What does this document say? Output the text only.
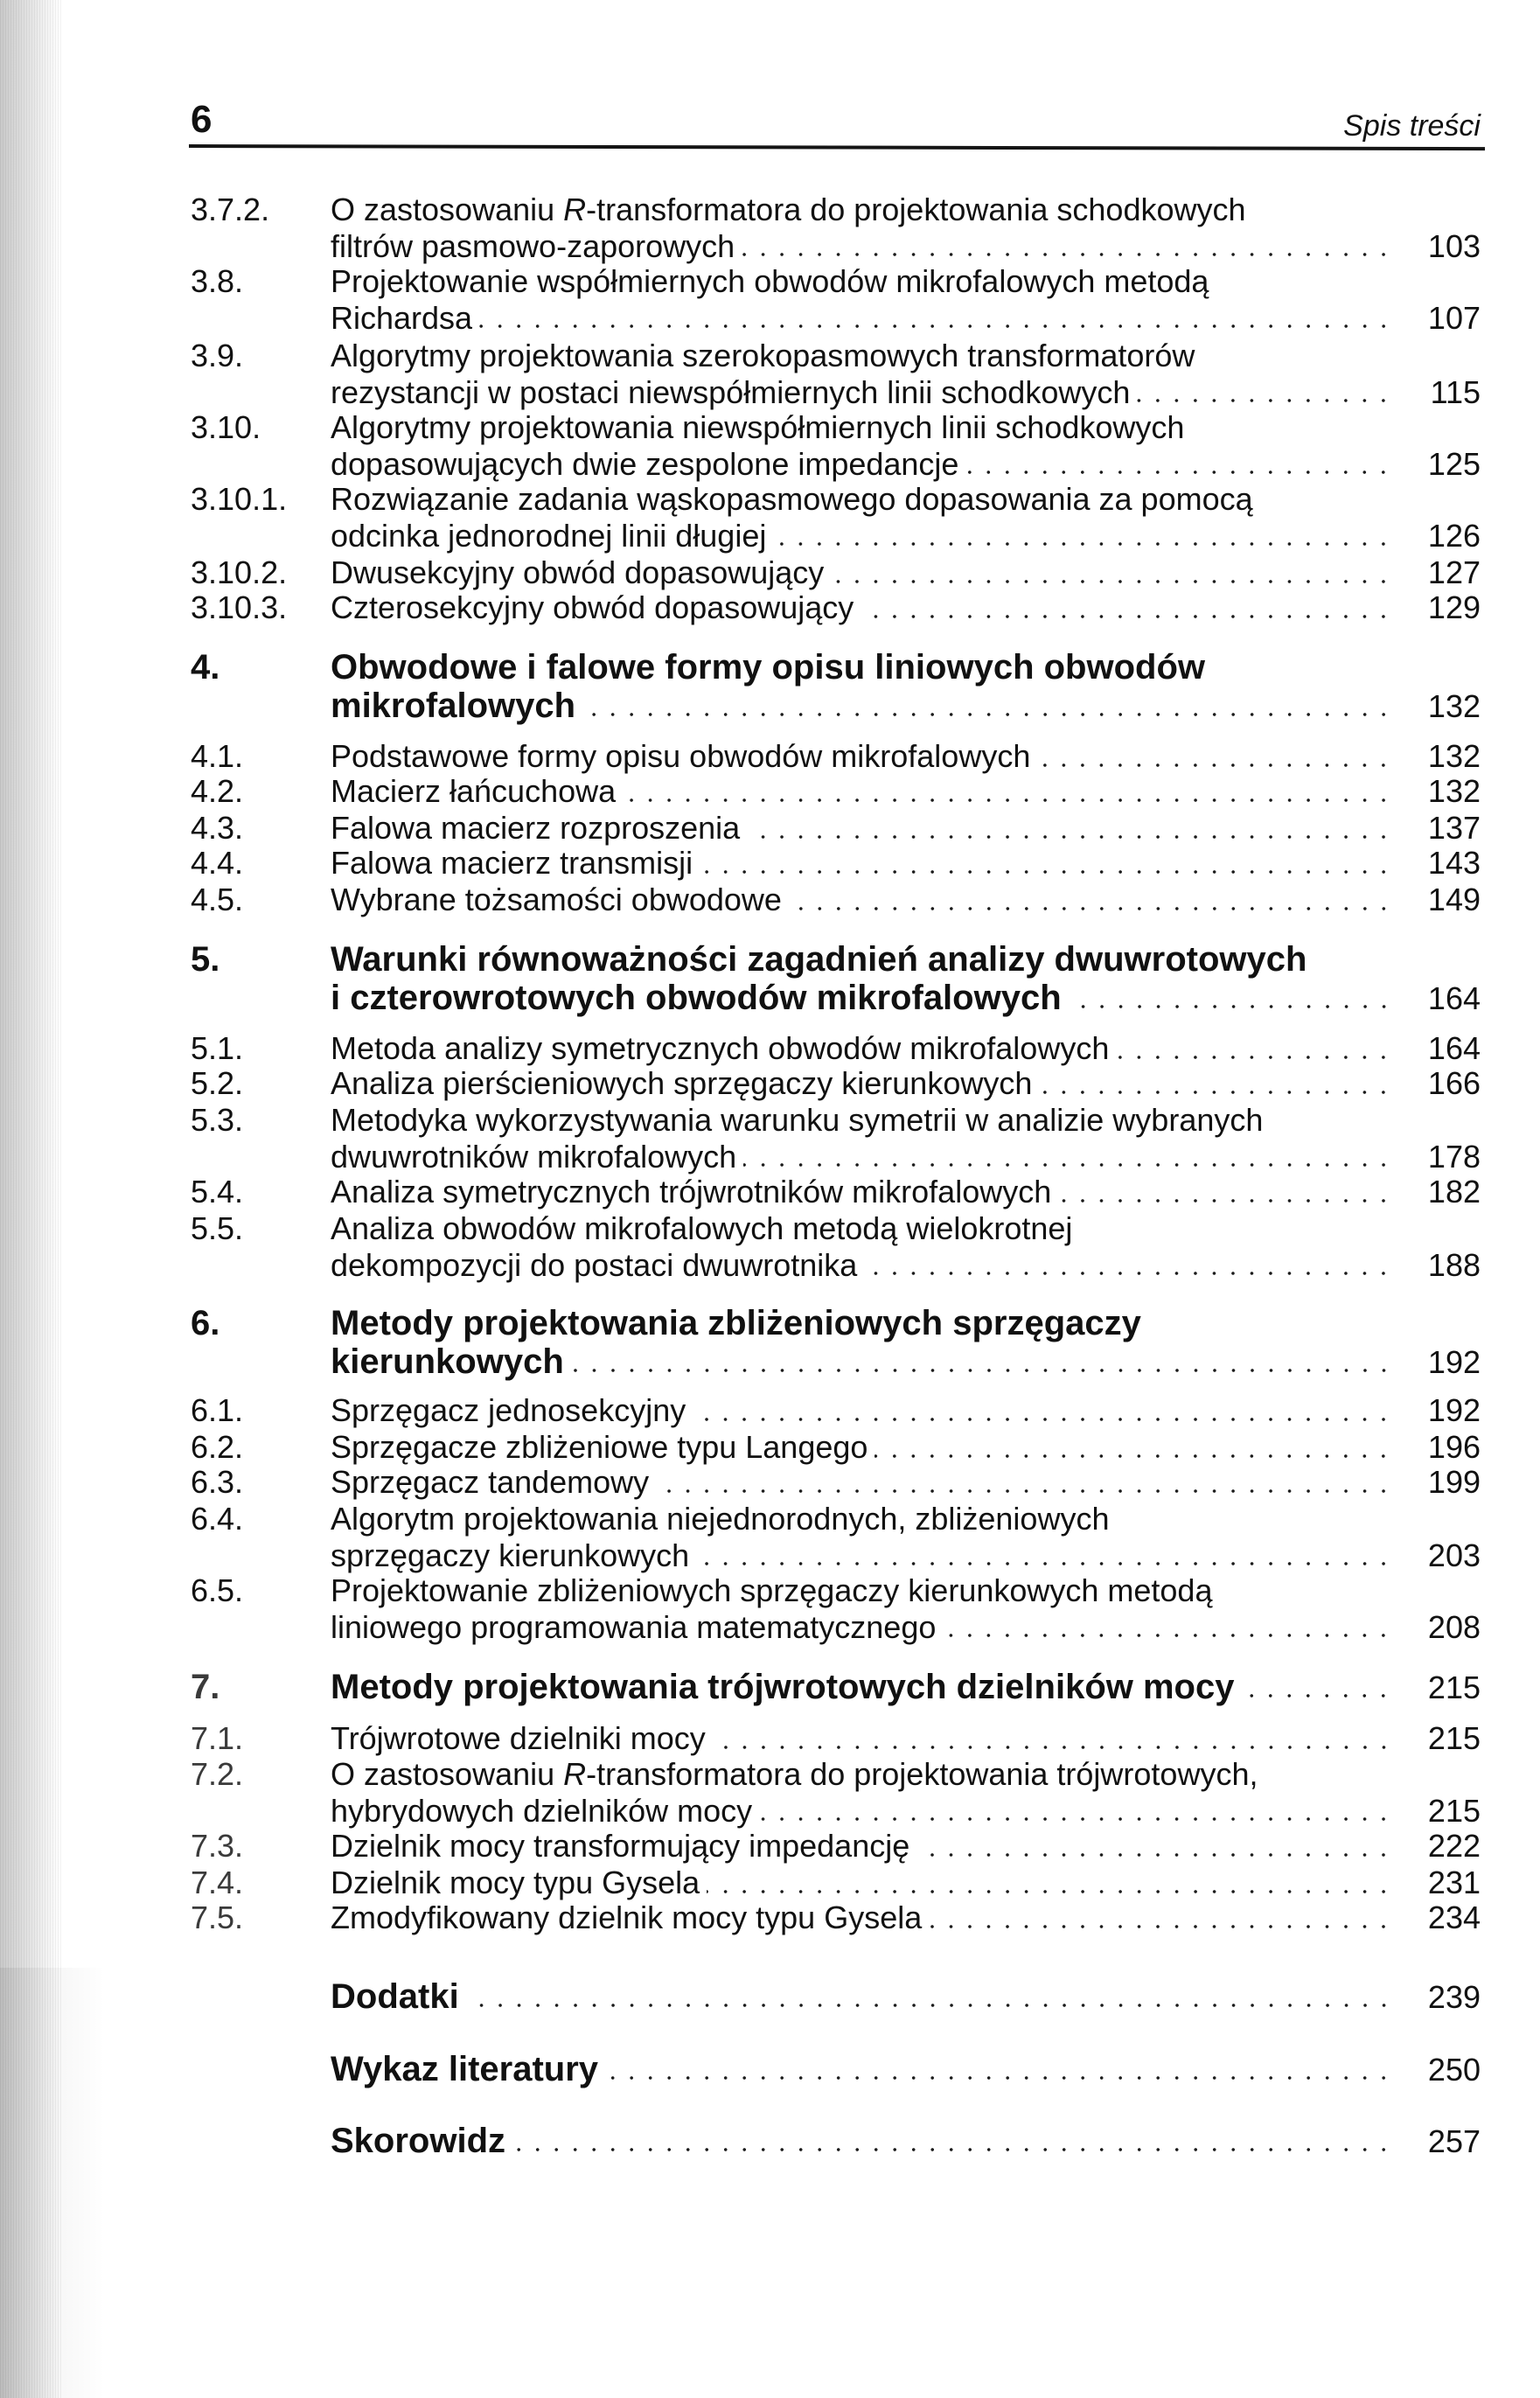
6	Spis treści
3.7.2. O zastosowaniu R-transformatora do projektowania schodkowych
filtrów pasmowo-zaporowych	103
3.8.	Projektowanie współmiernych obwodów mikrofalowych metodą
Richardsa	107
3.9.	Algorytmy projektowania szerokopasmowych transformatorów
rezystancji w postaci niewspółmiernych linii schodkowych	115
3.10. Algorytmy projektowania niewspółmiernych linii schodkowych
dopasowujących dwie zespolone impedancje	125
3.10.1. Rozwiązanie zadania wąskopasmowego dopasowania za pomocą
odcinka jednorodnej linii długiej	126
3.10.2. Dwusekcyjny obwód dopasowujący	127
3.10.3. Czterosekcyjny obwód dopasowujący	129
4.	Obwodowe i falowe formy opisu liniowych obwodów
mikrofalowych	132
4.1.	Podstawowe formy opisu obwodów mikrofalowych	132
4.2.	Macierz łańcuchowa	132
4.3.	Falowa macierz rozproszenia	137
4.4.	Falowa macierz transmisji	143
4.5.	Wybrane tożsamości obwodowe	149
5.	Warunki równoważności zagadnień analizy dwuwrotowych
i czterowrotowych obwodów mikrofalowych	164
5.1.	Metoda analizy symetrycznych obwodów mikrofalowych	164
5.2.	Analiza pierścieniowych sprzęgaczy kierunkowych	166
5.3.	Metodyka wykorzystywania warunku symetrii w analizie wybranych
dwuwrotników mikrofalowych	178
5.4.	Analiza symetrycznych trójwrotników mikrofalowych	182
5.5.	Analiza obwodów mikrofalowych metodą wielokrotnej
dekompozycji do postaci dwuwrotnika	188
6.	Metody projektowania zbliżeniowych sprzęgaczy
kierunkowych	192
6.1.	Sprzęgacz jednosekcyjny	192
6.2.	Sprzęgacze zbliżeniowe typu Langego	196
6.3.	Sprzęgacz tandemowy	199
6.4.	Algorytm projektowania niejednorodnych, zbliżeniowych
sprzęgaczy kierunkowych	203
6.5.	Projektowanie zbliżeniowych sprzęgaczy kierunkowych metodą
liniowego programowania matematycznego	208
7.	Metody projektowania trójwrotowych dzielników mocy	215
7.1.	Trójwrotowe dzielniki mocy	215
7.2.	O zastosowaniu R-transformatora do projektowania trójwrotowych,
hybrydowych dzielników mocy	215
7.3.	Dzielnik mocy transformujący impedancję	222
7.4.	Dzielnik mocy typu Gysela	231
7.5.	Zmodyfikowany dzielnik mocy typu Gysela	234
Dodatki	239
Wykaz literatury	250
Skorowidz	257
